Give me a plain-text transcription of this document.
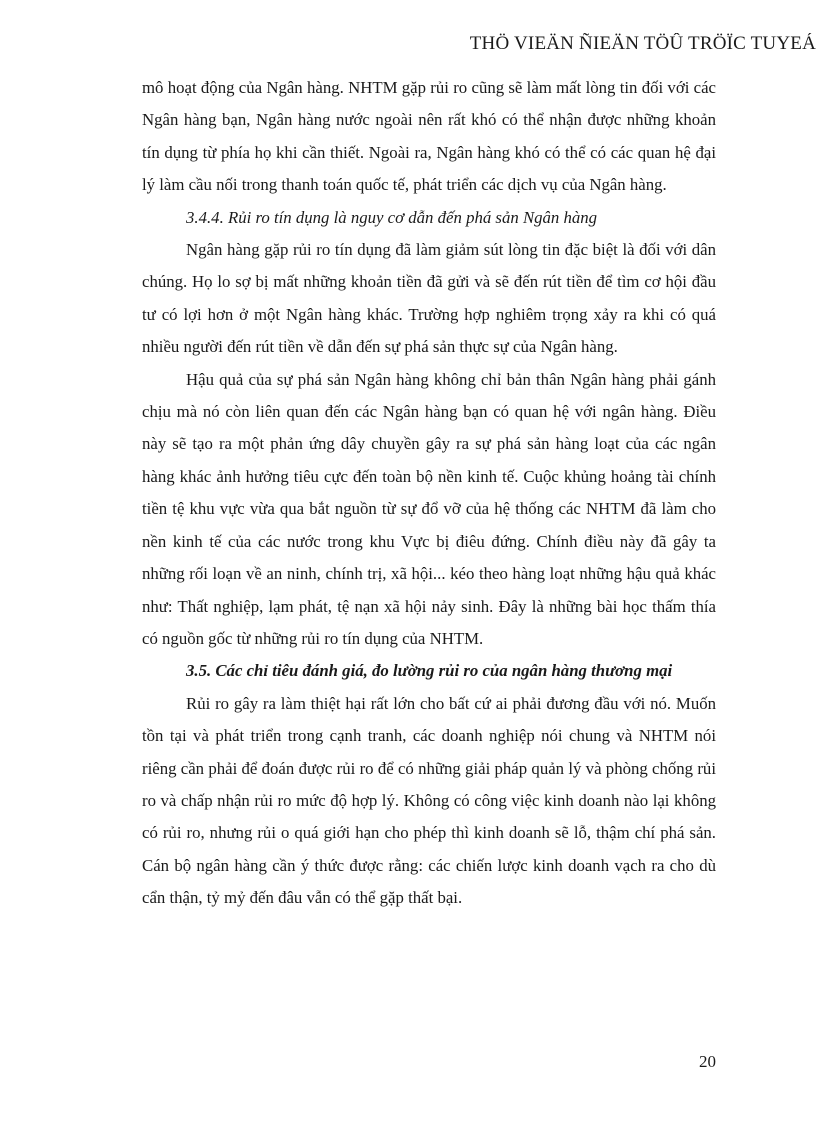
THÖ VIEÄN ÑIEÄN TÖÛ TRÖÏC TUYEÁ

mô hoạt động của Ngân hàng. NHTM gặp rủi ro cũng sẽ làm mất lòng tin đối với các Ngân hàng bạn, Ngân hàng nước ngoài nên rất khó có thể nhận được những khoản tín dụng từ phía họ khi cần thiết. Ngoài ra, Ngân hàng khó có thể có các quan hệ đại lý làm cầu nối trong thanh toán quốc tế, phát triển các dịch vụ của Ngân hàng.

3.4.4. Rủi ro tín dụng là nguy cơ dẫn đến phá sản Ngân hàng

Ngân hàng gặp rủi ro tín dụng đã làm giảm sút lòng tin đặc biệt là đối với dân chúng. Họ lo sợ bị mất những khoản tiền đã gửi và sẽ đến rút tiền để tìm cơ hội đầu tư có lợi hơn ở một Ngân hàng khác. Trường hợp nghiêm trọng xảy ra khi có quá nhiều người đến rút tiền về dẫn đến sự phá sản thực sự của Ngân hàng.

Hậu quả của sự phá sản Ngân hàng không chỉ bản thân Ngân hàng phải gánh chịu mà nó còn liên quan đến các Ngân hàng bạn có quan hệ với ngân hàng. Điều này sẽ tạo ra một phản ứng dây chuyền gây ra sự phá sản hàng loạt của các ngân hàng khác ảnh hưởng tiêu cực đến toàn bộ nền kinh tế. Cuộc khủng hoảng tài chính tiền tệ khu vực vừa qua bắt nguồn từ sự đổ vỡ của hệ thống các NHTM đã làm cho nền kinh tế của các nước trong khu Vực bị điêu đứng. Chính điều này đã gây ta những rối loạn về an ninh, chính trị, xã hội... kéo theo hàng loạt những hậu quả khác như: Thất nghiệp, lạm phát, tệ nạn xã hội nảy sinh. Đây là những bài học thấm thía có nguồn gốc từ những rủi ro tín dụng của NHTM.

3.5. Các chỉ tiêu đánh giá, đo lường rủi ro của ngân hàng thương mại

Rủi ro gây ra làm thiệt hại rất lớn cho bất cứ ai phải đương đầu với nó. Muốn tồn tại và phát triển trong cạnh tranh, các doanh nghiệp nói chung và NHTM nói riêng cần phải để đoán được rủi ro để có những giải pháp quản lý và phòng chống rủi ro và chấp nhận rủi ro mức độ hợp lý. Không có công việc kinh doanh nào lại không có rủi ro, nhưng rủi o quá giới hạn cho phép thì kinh doanh sẽ lỗ, thậm chí phá sản. Cán bộ ngân hàng cần ý thức được rằng: các chiến lược kinh doanh vạch ra cho dù cẩn thận, tỷ mỷ đến đâu vẫn có thể gặp thất bại.

20
